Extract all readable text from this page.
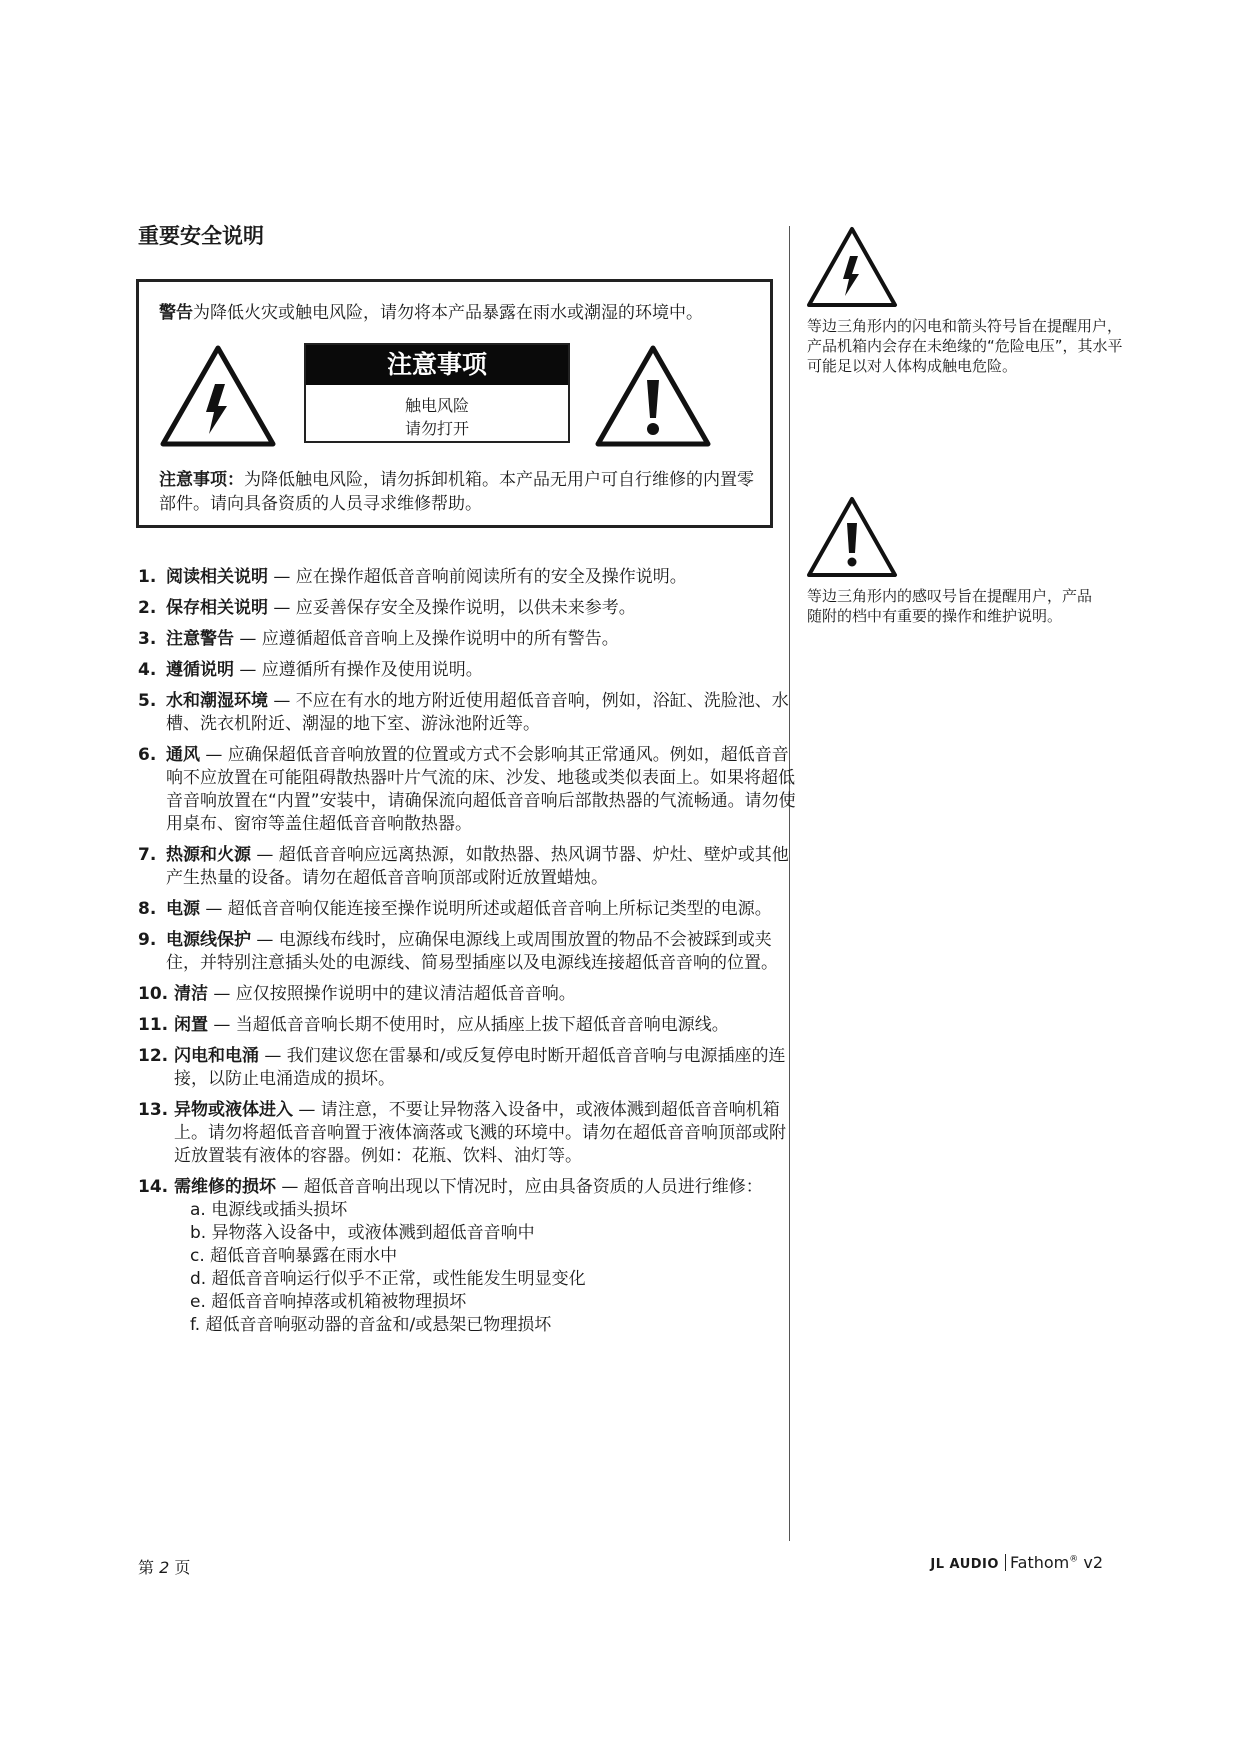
重要安全说明
警告为降低火灾或触电风险，请勿将本产品暴露在雨水或潮湿的环境中。
注意事项
触电风险
请勿打开
注意事项：为降低触电风险，请勿拆卸机箱。本产品无用户可自行维修的内置零部件。请向具备资质的人员寻求维修帮助。
等边三角形内的闪电和箭头符号旨在提醒用户，产品机箱内会存在未绝缘的“危险电压”，其水平可能足以对人体构成触电危险。
等边三角形内的感叹号旨在提醒用户，产品随附的档中有重要的操作和维护说明。
1. 阅读相关说明 — 应在操作超低音音响前阅读所有的安全及操作说明。
2. 保存相关说明 — 应妥善保存安全及操作说明，以供未来参考。
3. 注意警告 — 应遵循超低音音响上及操作说明中的所有警告。
4. 遵循说明 — 应遵循所有操作及使用说明。
5. 水和潮湿环境 — 不应在有水的地方附近使用超低音音响，例如，浴缸、洗脸池、水槽、洗衣机附近、潮湿的地下室、游泳池附近等。
6. 通风 — 应确保超低音音响放置的位置或方式不会影响其正常通风。例如，超低音音响不应放置在可能阻碍散热器叶片气流的床、沙发、地毯或类似表面上。如果将超低音音响放置在“内置”安装中，请确保流向超低音音响后部散热器的气流畅通。请勿使用桌布、窗帘等盖住超低音音响散热器。
7. 热源和火源 — 超低音音响应远离热源，如散热器、热风调节器、炉灶、壁炉或其他产生热量的设备。请勿在超低音音响顶部或附近放置蜡烛。
8. 电源 — 超低音音响仅能连接至操作说明所述或超低音音响上所标记类型的电源。
9. 电源线保护 — 电源线布线时，应确保电源线上或周围放置的物品不会被踩到或夹住，并特别注意插头处的电源线、简易型插座以及电源线连接超低音音响的位置。
10. 清洁 — 应仅按照操作说明中的建议清洁超低音音响。
11. 闲置 — 当超低音音响长期不使用时，应从插座上拔下超低音音响电源线。
12. 闪电和电涌 — 我们建议您在雷暴和/或反复停电时断开超低音音响与电源插座的连接，以防止电涌造成的损坏。
13. 异物或液体进入 — 请注意，不要让异物落入设备中，或液体溅到超低音音响机箱上。请勿将超低音音响置于液体滴落或飞溅的环境中。请勿在超低音音响顶部或附近放置装有液体的容器。例如：花瓶、饮料、油灯等。
14. 需维修的损坏 — 超低音音响出现以下情况时，应由具备资质的人员进行维修：
a. 电源线或插头损坏
b. 异物落入设备中，或液体溅到超低音音响中
c. 超低音音响暴露在雨水中
d. 超低音音响运行似乎不正常，或性能发生明显变化
e. 超低音音响掉落或机箱被物理损坏
f. 超低音音响驱动器的音盆和/或悬架已物理损坏
第 2 页	JL AUDIO Fathom® v2
